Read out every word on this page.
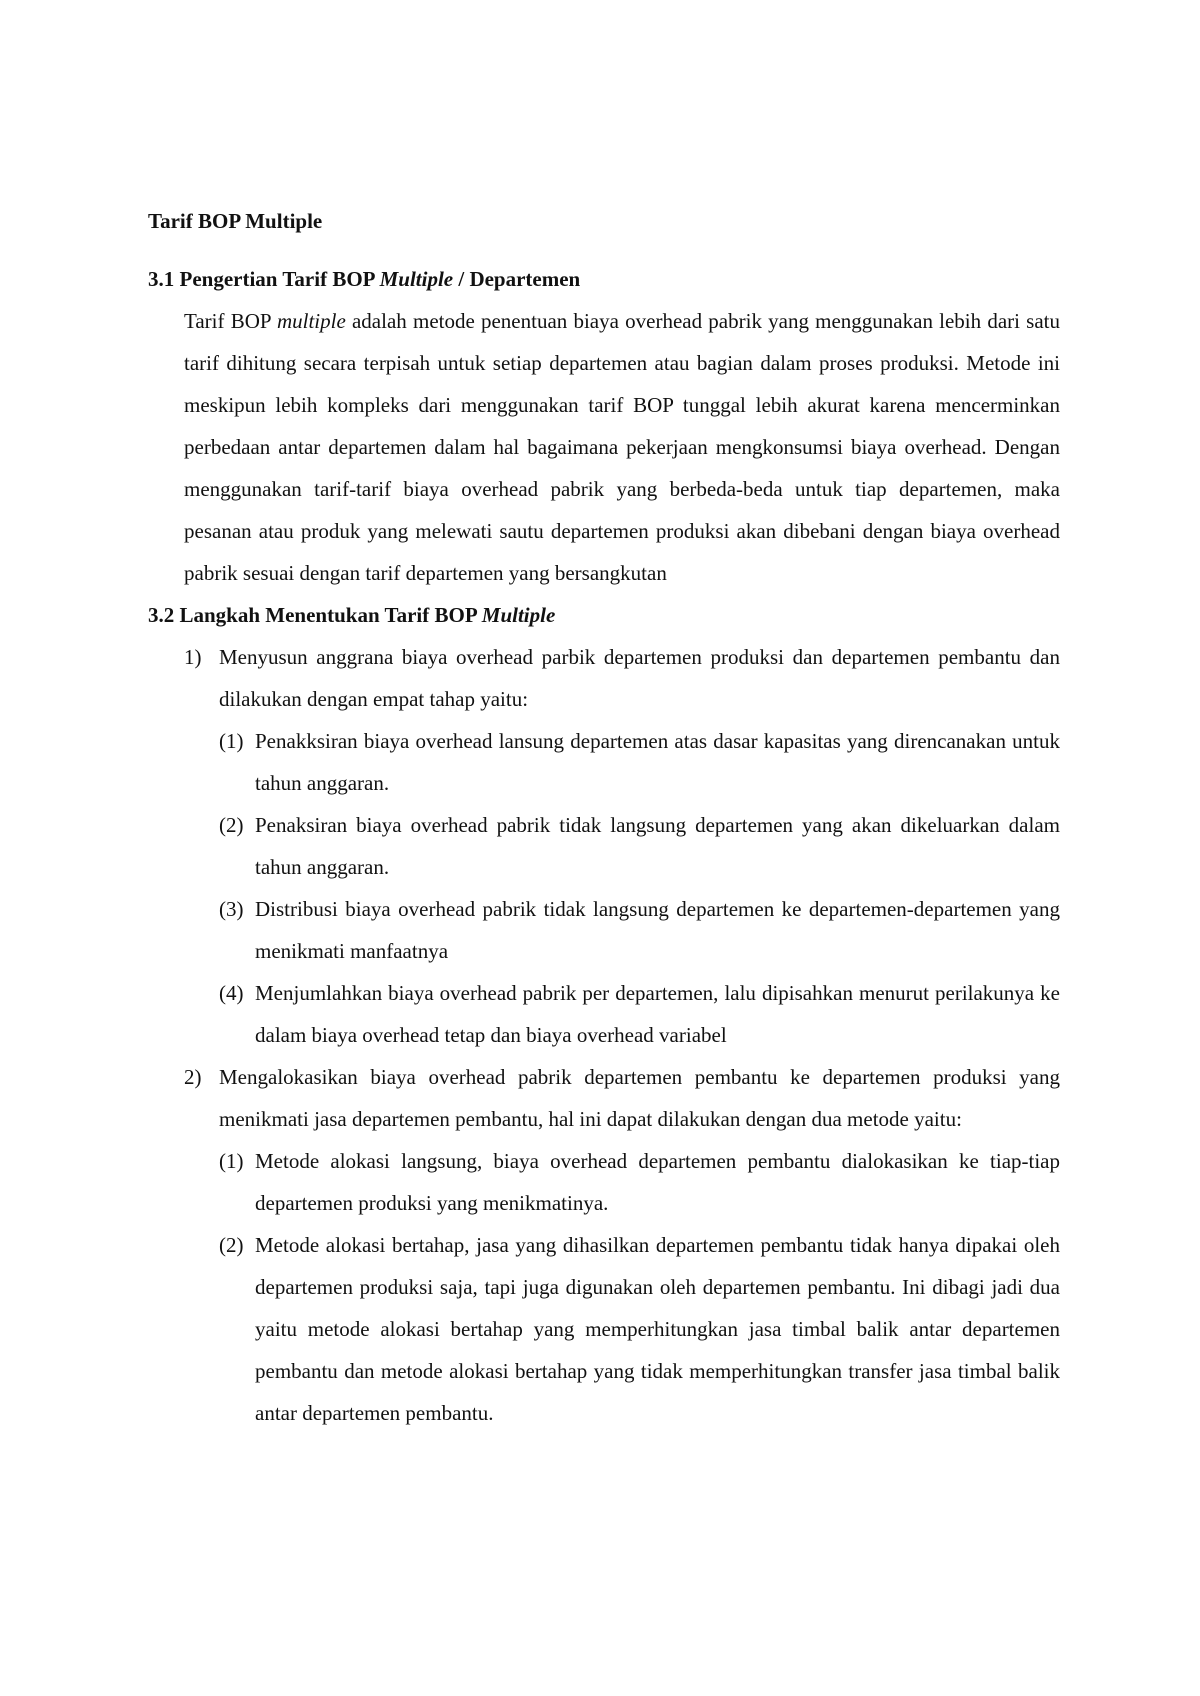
Tarif BOP Multiple

3.1 Pengertian Tarif BOP Multiple / Departemen

Tarif BOP multiple adalah metode penentuan biaya overhead pabrik yang menggunakan lebih dari satu tarif dihitung secara terpisah untuk setiap departemen atau bagian dalam proses produksi. Metode ini meskipun lebih kompleks dari menggunakan tarif BOP tunggal lebih akurat karena mencerminkan perbedaan antar departemen dalam hal bagaimana pekerjaan mengkonsumsi biaya overhead. Dengan menggunakan tarif-tarif biaya overhead pabrik yang berbeda-beda untuk tiap departemen, maka pesanan atau produk yang melewati sautu departemen produksi akan dibebani dengan biaya overhead pabrik sesuai dengan tarif departemen yang bersangkutan

3.2 Langkah Menentukan Tarif BOP Multiple

1) Menyusun anggrana biaya overhead parbik departemen produksi dan departemen pembantu dan dilakukan dengan empat tahap yaitu:
(1) Penakksiran biaya overhead lansung departemen atas dasar kapasitas yang direncanakan untuk tahun anggaran.
(2) Penaksiran biaya overhead pabrik tidak langsung departemen yang akan dikeluarkan dalam tahun anggaran.
(3) Distribusi biaya overhead pabrik tidak langsung departemen ke departemen-departemen yang menikmati manfaatnya
(4) Menjumlahkan biaya overhead pabrik per departemen, lalu dipisahkan menurut perilakunya ke dalam biaya overhead tetap dan biaya overhead variabel
2) Mengalokasikan biaya overhead pabrik departemen pembantu ke departemen produksi yang menikmati jasa departemen pembantu, hal ini dapat dilakukan dengan dua metode yaitu:
(1) Metode alokasi langsung, biaya overhead departemen pembantu dialokasikan ke tiap-tiap departemen produksi yang menikmatinya.
(2) Metode alokasi bertahap, jasa yang dihasilkan departemen pembantu tidak hanya dipakai oleh departemen produksi saja, tapi juga digunakan oleh departemen pembantu. Ini dibagi jadi dua yaitu metode alokasi bertahap yang memperhitungkan jasa timbal balik antar departemen pembantu dan metode alokasi bertahap yang tidak memperhitungkan transfer jasa timbal balik antar departemen pembantu.
